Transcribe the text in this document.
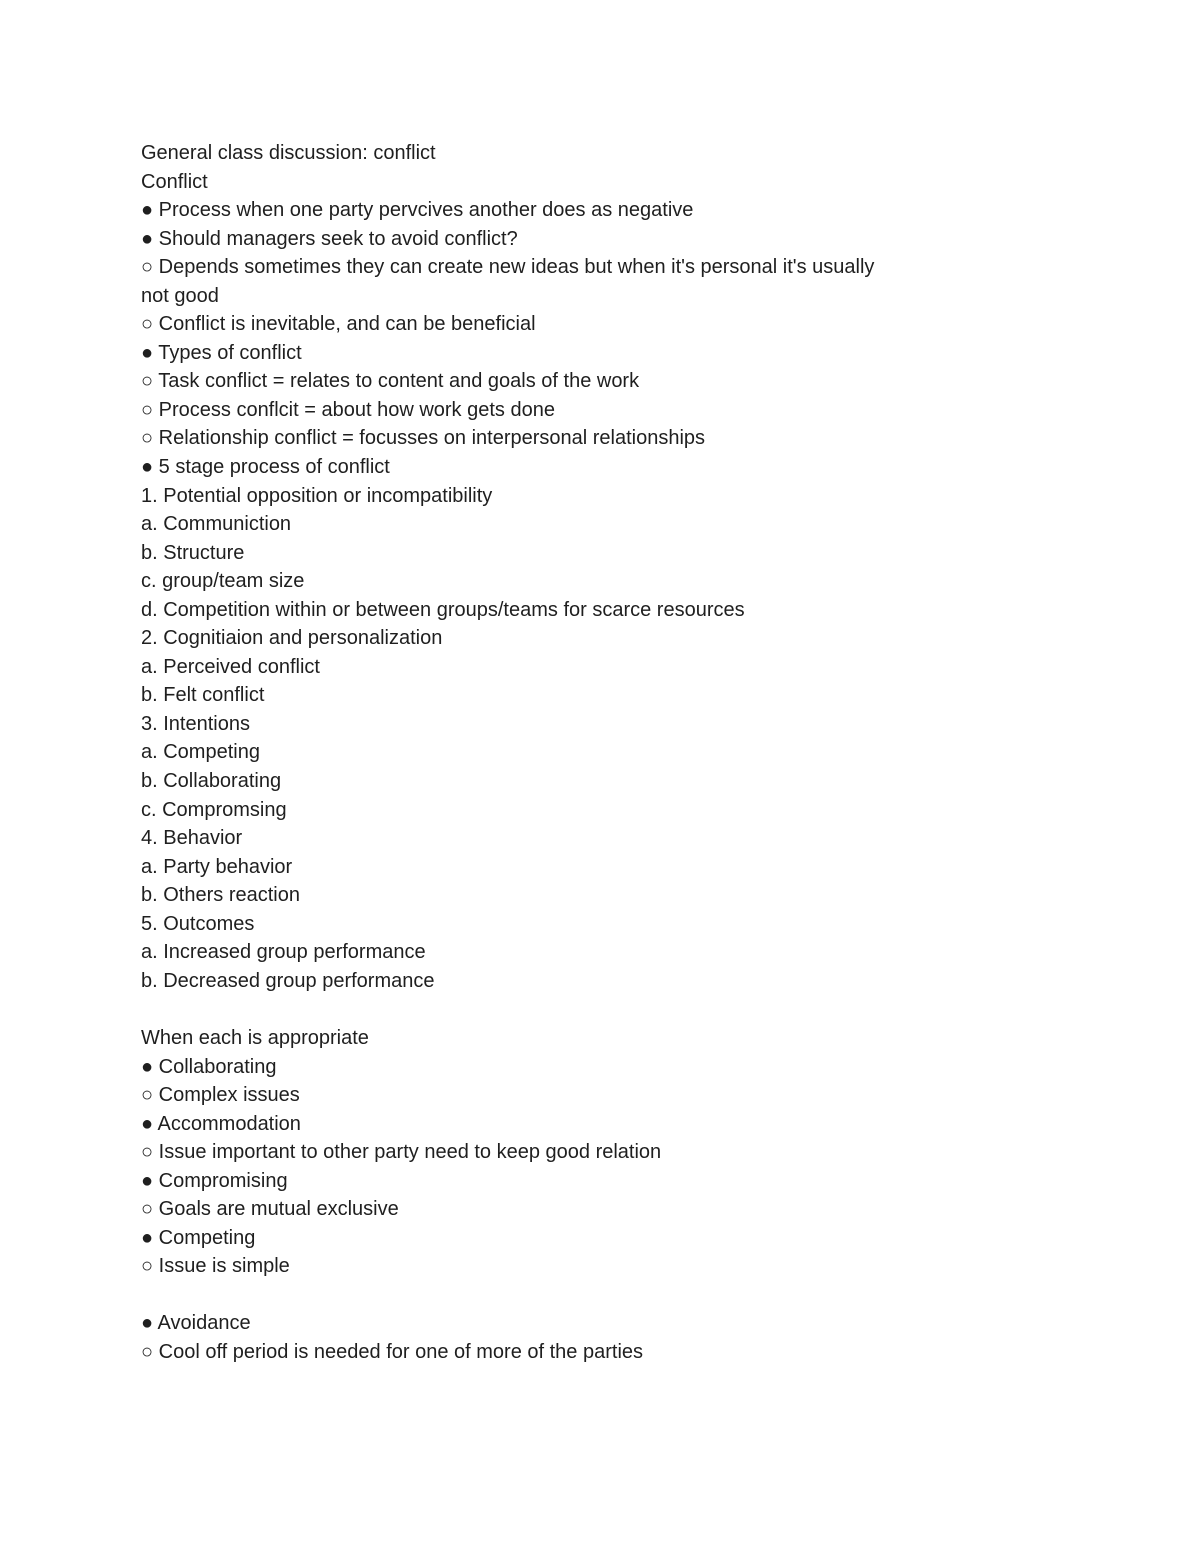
General class discussion: conflict
Conflict
● Process when one party pervcives another does as negative
● Should managers seek to avoid conflict?
○ Depends sometimes they can create new ideas but when it's personal it's usually
not good
○ Conflict is inevitable, and can be beneficial
● Types of conflict
○ Task conflict = relates to content and goals of the work
○ Process conflcit = about how work gets done
○ Relationship conflict = focusses on interpersonal relationships
● 5 stage process of conflict
1. Potential opposition or incompatibility
a. Communiction
b. Structure
c. group/team size
d. Competition within or between groups/teams for scarce resources
2. Cognitiaion and personalization
a. Perceived conflict
b. Felt conflict
3. Intentions
a. Competing
b. Collaborating
c. Compromsing
4. Behavior
a. Party behavior
b. Others reaction
5. Outcomes
a. Increased group performance
b. Decreased group performance
When each is appropriate
● Collaborating
○ Complex issues
● Accommodation
○ Issue important to other party need to keep good relation
● Compromising
○ Goals are mutual exclusive
● Competing
○ Issue is simple
● Avoidance
○ Cool off period is needed for one of more of the parties
